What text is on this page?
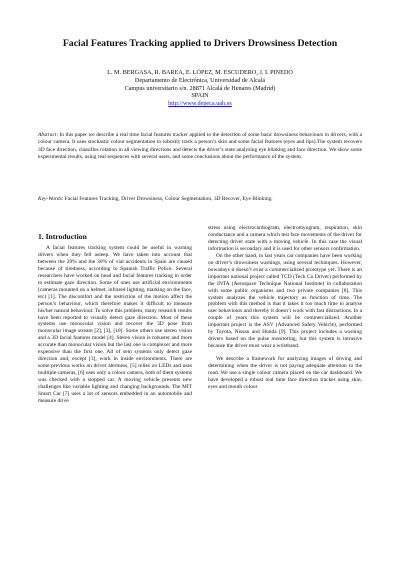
Facial Features Tracking applied to Drivers Drowsiness Detection
L. M. BERGASA, R. BAREA, E. LÓPEZ, M. ESCUDERO, J. I. PINEDO
Departamento de Electrónica, Universidad de Alcalá
Campus universitario s/n. 28871 Alcalá de Henares (Madrid)
SPAIN
http://www.depeca.uah.es
Abstract: In this paper we describe a real time facial features tracker applied to the detection of some basic drowsiness behaviours in drivers, with a colour camera. It uses stochastic colour segmentation to robustly track a person’s skin and some facial features (eyes and lips).The system recovers 3D face direction, classifies rotation in all viewing directions and detects the driver’s state analysing eye blinking and face direction. We show some experimental results, using real sequences with several users, and some conclusions about the performance of the system.
Key-Words: Facial Features Tracking, Driver Drowsiness, Colour Segmentation, 3D Recover, Eye Blinking.
1. Introduction

A facial features tracking system could be useful in warning drivers when they fell asleep. We have taken into account that between the 20% and the 30% of vial accidents in Spain are caused because of tiredness, according to Spanish Traffic Police. Several researchers have worked on head and facial features tracking in order to estimate gaze direction. Some of ones use artificial environments (cameras mounted on a helmet, infrared lighting, marking on the face, etc) [1]. The discomfort and the restriction of the motion affect the person’s behaviour, which therefore makes it difficult to measure his/her natural behaviour. To solve this problem, many research results have been reported to visually detect gaze direction. Most of these systems use monocular vision and recover the 3D pose from monocular image stream [2], [3], [10]. Some others use stereo vision and a 3D facial features model [4]. Stereo vision is robuster and more accurate than monocular vision but the last one is complexer and more expensive than the first one. All of sem systems only detect gaze direction and, except [3], work in inside environments. There are some previous works on driver alertness, [5] relies on LEDs and uses multiple cameras, [6] uses only a colour camera, both of them systems was checked with a stopped car. A moving vehicle presents new challenges like variable lighting and changing backgrounds. The MIT Smart Car [7] uses a lot of sensors embedded in an automobile and measure drive

stress using electrocardiogram, electromyogram, respiration, skin conductance and a camera which test face movements of the driver for detecting driver state with a moving vehicle. In this case the visual information is secondary and it is used for other sensors confirmation.

On the other hand, in last years car companies have been working on driver’s drowsiness warnings, using several techniques. However, nowadays it doesn’t exist a commercialized prototype yet. There is an important national project called TCD (Tech Co Driver) performed by the INTA (Aerospace Technique National Institute) in collaboration with some public organisms and two private companies [8]. This system analyzes the vehicle trajectory as function of time. The problem with this method is that it takes it too much time to analyse user behaviours and thereby it doesn’t work with fast distractions. In a couple of years this system will be commercialized. Another important project is the ASV (Advanced Safety Vehicle), performed by Toyota, Nissan and Honda [9]. This project includes a warning drivers based on the pulse monitoring, but this system is intrusive because the driver must wear a wristband.

We describe a framework for analyzing images of driving and determining when the driver is not paying adequate attention to the road. We use a single colour camera placed on the car dashboard. We have developed a robust real time face direction tracker using skin, eyes and mouth colour
